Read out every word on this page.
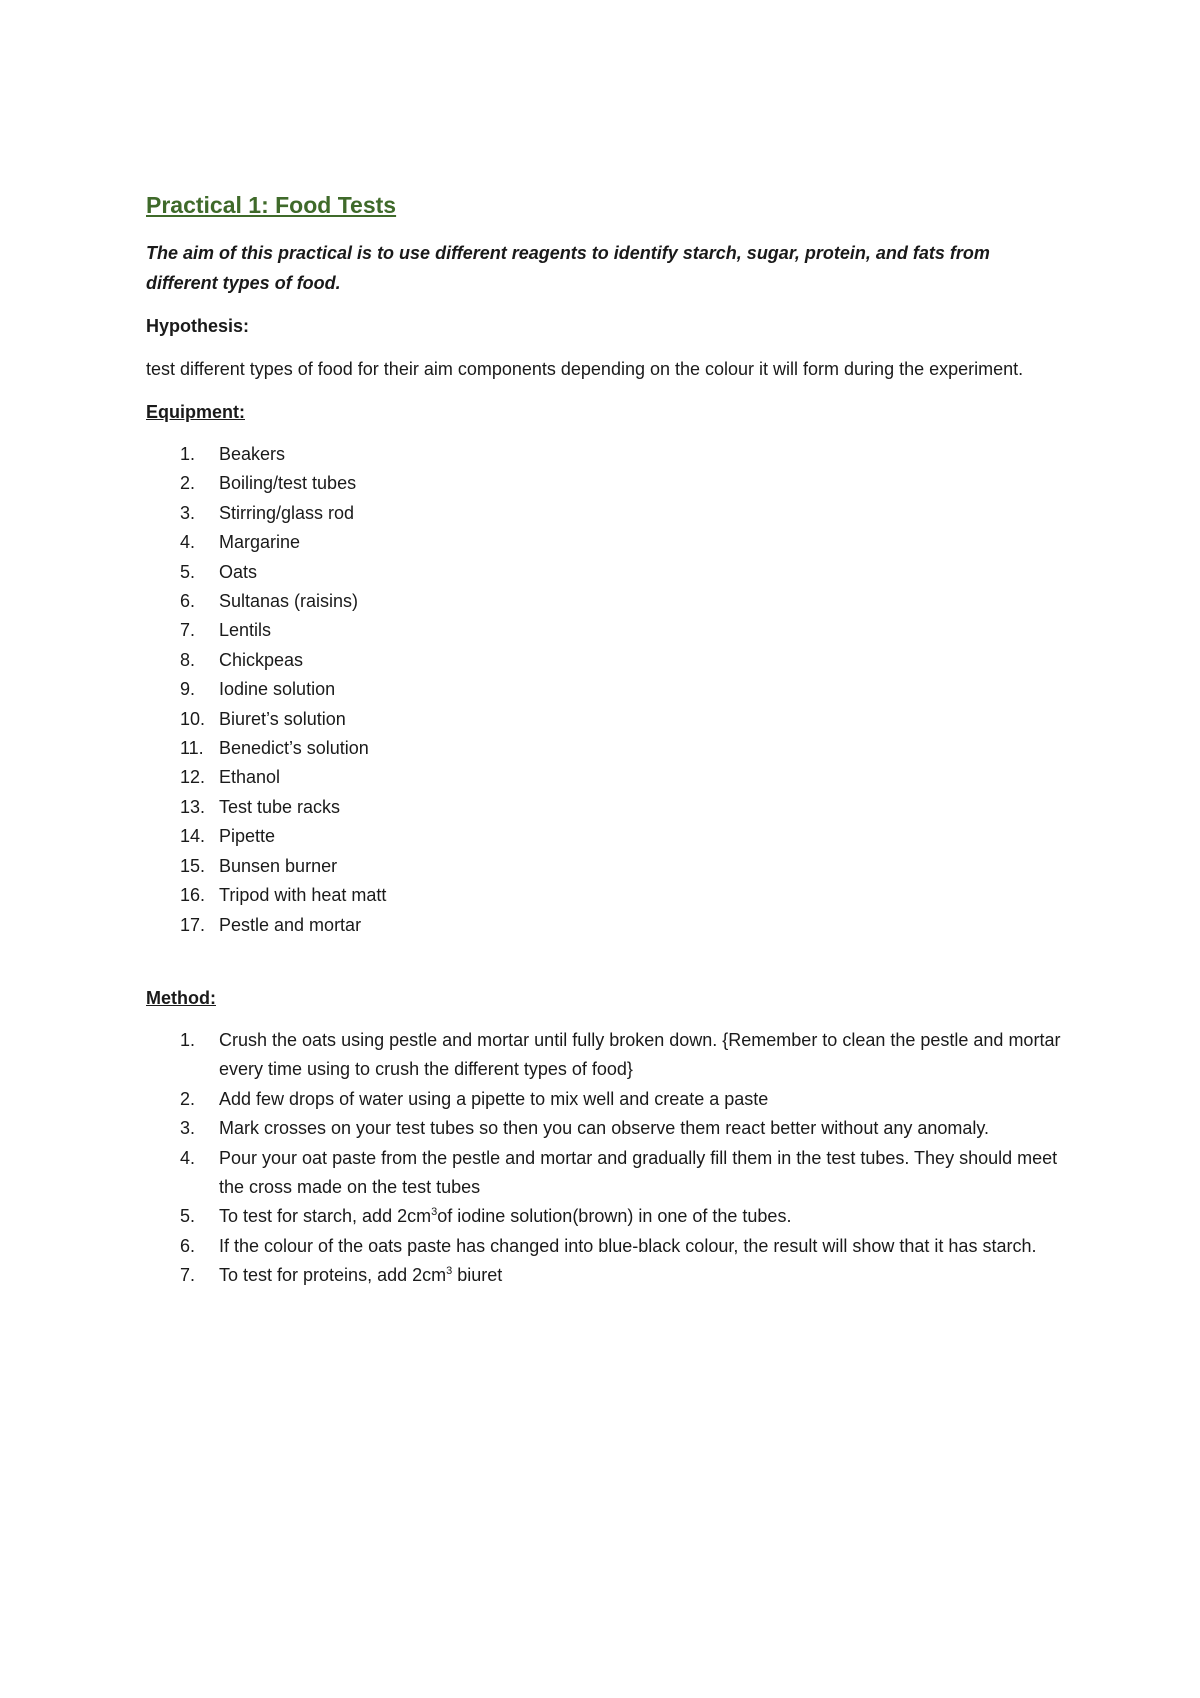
Practical 1: Food Tests
The aim of this practical is to use different reagents to identify starch, sugar, protein, and fats from different types of food.
Hypothesis:
test different types of food for their aim components depending on the colour it will form during the experiment.
Equipment:
1. Beakers
2. Boiling/test tubes
3. Stirring/glass rod
4. Margarine
5. Oats
6. Sultanas (raisins)
7. Lentils
8. Chickpeas
9. Iodine solution
10. Biuret’s solution
11. Benedict’s solution
12. Ethanol
13. Test tube racks
14. Pipette
15. Bunsen burner
16. Tripod with heat matt
17. Pestle and mortar
Method:
1. Crush the oats using pestle and mortar until fully broken down. {Remember to clean the pestle and mortar every time using to crush the different types of food}
2. Add few drops of water using a pipette to mix well and create a paste
3. Mark crosses on your test tubes so then you can observe them react better without any anomaly.
4. Pour your oat paste from the pestle and mortar and gradually fill them in the test tubes. They should meet the cross made on the test tubes
5. To test for starch, add $2cm^3of$ iodine solution(brown) in one of the tubes.
6. If the colour of the oats paste has changed into blue-black colour, the result will show that it has starch.
7. To test for proteins, add $2cm^3$ biuret
